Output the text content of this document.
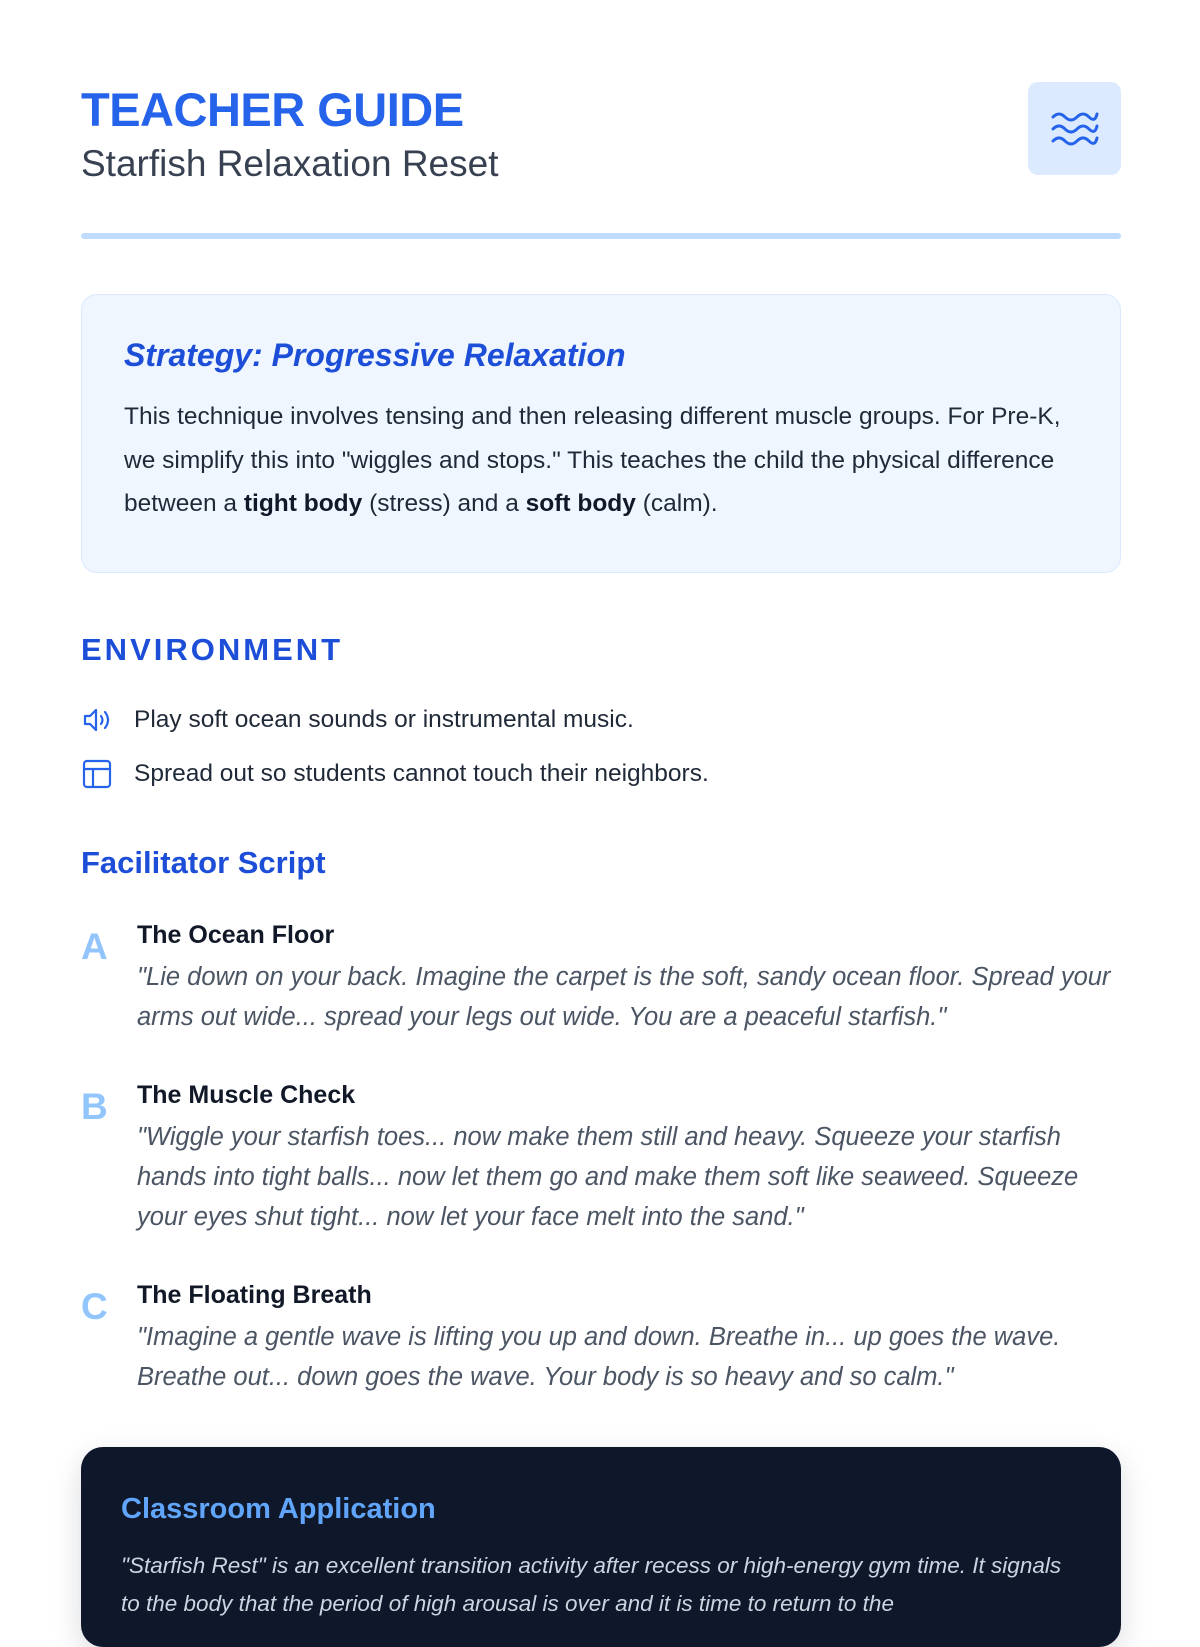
TEACHER GUIDE
Starfish Relaxation Reset
Strategy: Progressive Relaxation

This technique involves tensing and then releasing different muscle groups. For Pre-K, we simplify this into "wiggles and stops." This teaches the child the physical difference between a tight body (stress) and a soft body (calm).

ENVIRONMENT
Play soft ocean sounds or instrumental music.
Spread out so students cannot touch their neighbors.
Facilitator Script
A The Ocean Floor
"Lie down on your back. Imagine the carpet is the soft, sandy ocean floor. Spread your arms out wide... spread your legs out wide. You are a peaceful starfish."
B The Muscle Check
"Wiggle your starfish toes... now make them still and heavy. Squeeze your starfish hands into tight balls... now let them go and make them soft like seaweed. Squeeze your eyes shut tight... now let your face melt into the sand."
C The Floating Breath
"Imagine a gentle wave is lifting you up and down. Breathe in... up goes the wave. Breathe out... down goes the wave. Your body is so heavy and so calm."
Classroom Application
"Starfish Rest" is an excellent transition activity after recess or high-energy gym time. It signals to the body that the period of high arousal is over and it is time to return to the
